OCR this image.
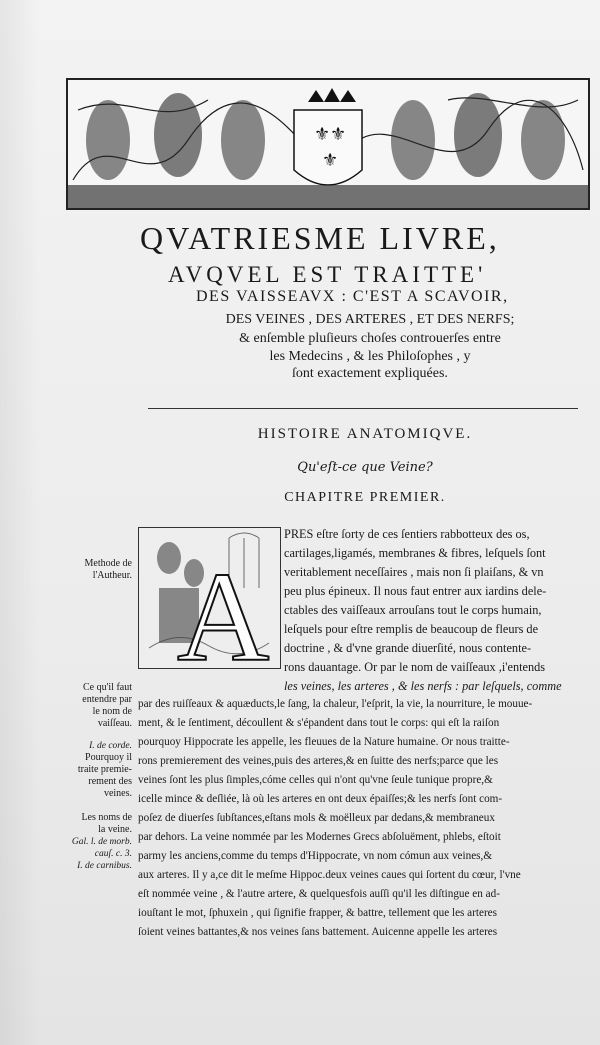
⚜ ⚜
⚜
QVATRIESME LIVRE,
AVQVEL EST TRAITTE'
DES VAISSEAVX : C'EST A SCAVOIR,
DES VEINES , DES ARTERES , ET DES NERFS;
& enſemble pluſieurs choſes controuerſes entre
les Medecins , & les Philoſophes , y
ſont exactement expliquées.
HISTOIRE ANATOMIQVE.
Qu'eſt-ce que Veine?
CHAPITRE PREMIER.
A
PRES eſtre ſorty de ces ſentiers rabbotteux des os,
cartilages,ligamés, membranes & fibres, leſquels ſont
veritablement neceſſaires , mais non ſi plaiſans, & vn
peu plus épineux. Il nous faut entrer aux iardins dele-
ctables des vaiſſeaux arrouſans tout le corps humain,
leſquels pour eſtre remplis de beaucoup de fleurs de
doctrine , & d'vne grande diuerſité, nous contente-
rons dauantage. Or par le nom de vaiſſeaux ,i'entends
les veines, les arteres , & les nerfs : par leſquels, comme
par des ruiſſeaux & aquæducts,le ſang, la chaleur, l'eſprit, la vie, la nourriture, le mouue-
ment, & le ſentiment, découllent & s'épandent dans tout le corps: qui eſt la raiſon
pourquoy Hippocrate les appelle, les fleuues de la Nature humaine. Or nous traitte-
rons premierement des veines,puis des arteres,& en ſuitte des nerfs;parce que les
veines ſont les plus ſimples,cóme celles qui n'ont qu'vne ſeule tunique propre,&
icelle mince & deſliée, là où les arteres en ont deux épaiſſes;& les nerfs ſont com-
poſez de diuerſes ſubſtances,eſtans mols & moëlleux par dedans,& membraneux
par dehors. La veine nommée par les Modernes Grecs abſoluëment, phlebs, eſtoit
parmy les anciens,comme du temps d'Hippocrate, vn nom cómun aux veines,&
aux arteres. Il y a,ce dit le meſme Hippoc.deux veines caues qui ſortent du cœur, l'vne
eſt nommée veine , & l'autre artere, & quelquesfois auſſi qu'il les diſtingue en ad-
iouſtant le mot, ſphuxein , qui ſignifie frapper, & battre, tellement que les arteres
ſoient veines battantes,& nos veines ſans battement. Auicenne appelle les arteres
Methode de
l'Autheur.
Ce qu'il faut
entendre par
le nom de
vaiſſeau.
I. de corde.
Pourquoy il
traite premie-
rement des
veines.
Les noms de
la veine.
Gal. l. de morb.
cauſ. c. 3.
I. de carnibus.
